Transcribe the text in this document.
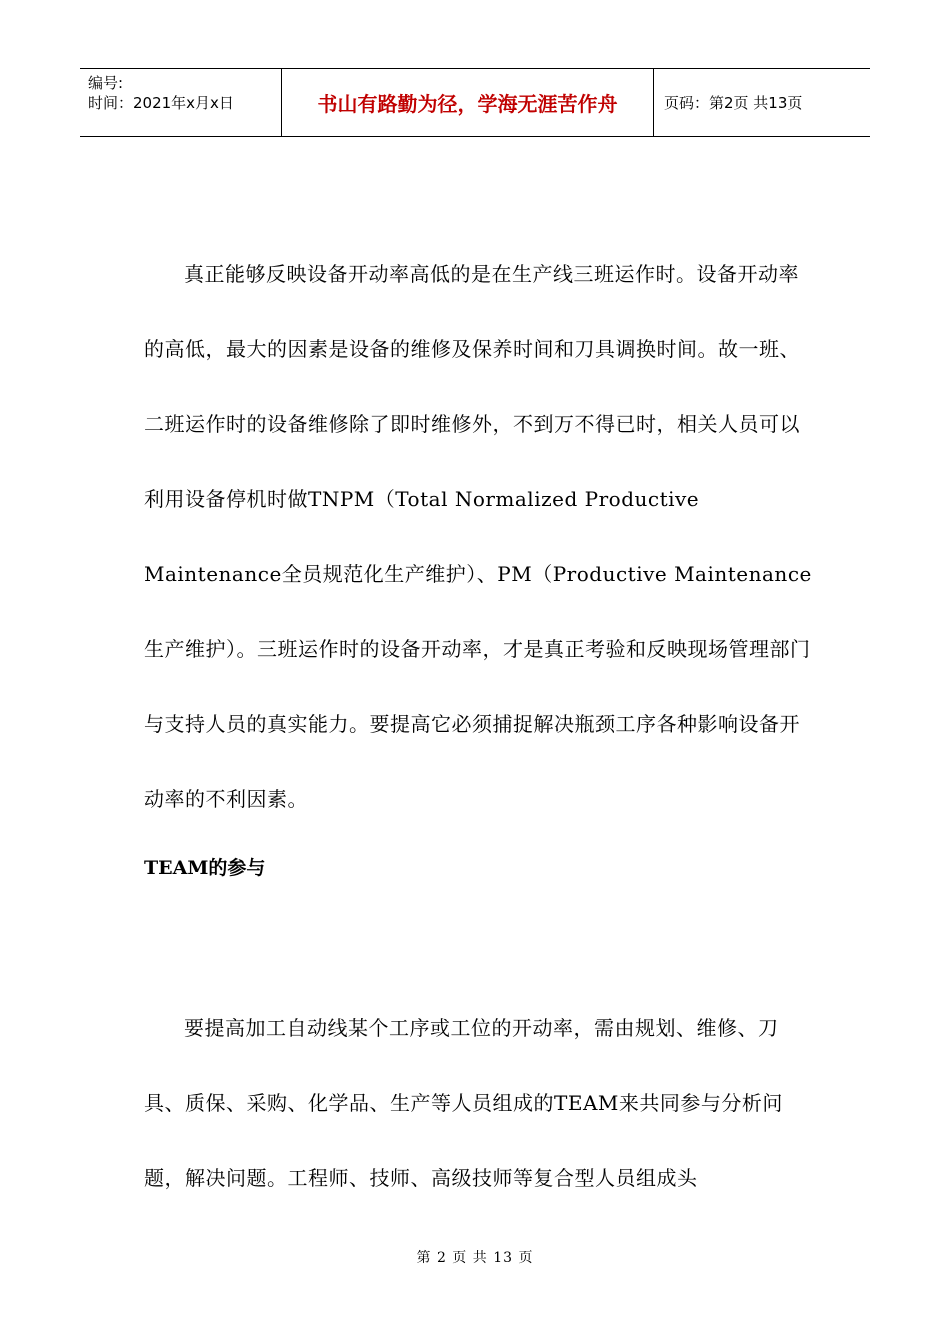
编号:
时间：2021年x月x日	书山有路勤为径，学海无涯苦作舟	页码：第2页 共13页

真正能够反映设备开动率高低的是在生产线三班运作时。设备开动率的高低，最大的因素是设备的维修及保养时间和刀具调换时间。故一班、二班运作时的设备维修除了即时维修外，不到万不得已时，相关人员可以利用设备停机时做TNPM（Total Normalized Productive Maintenance全员规范化生产维护）、PM（Productive Maintenance生产维护）。三班运作时的设备开动率，才是真正考验和反映现场管理部门与支持人员的真实能力。要提高它必须捕捉解决瓶颈工序各种影响设备开动率的不利因素。

TEAM的参与

要提高加工自动线某个工序或工位的开动率，需由规划、维修、刀具、质保、采购、化学品、生产等人员组成的TEAM来共同参与分析问题，解决问题。工程师、技师、高级技师等复合型人员组成头

第 2 页 共 13 页
